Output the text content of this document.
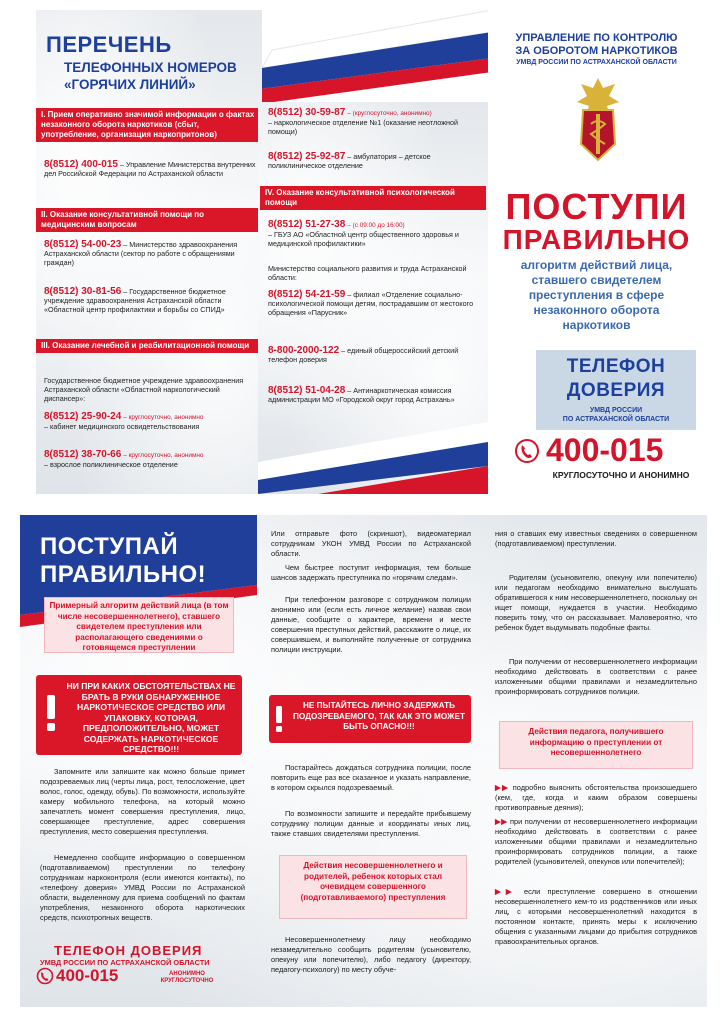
ПЕРЕЧЕНЬ
ТЕЛЕФОННЫХ НОМЕРОВ
«ГОРЯЧИХ ЛИНИЙ»
I. Прием оперативно значимой информации о фактах незаконного оборота наркотиков (сбыт, употребление, организация наркопритонов)
8(8512) 400-015 – Управление Министерства внутренних дел Российской Федерации по Астраханской области
II. Оказание консультативной помощи по медицинским вопросам
8(8512) 54-00-23 – Министерство здравоохранения Астраханской области (сектор по работе с обращениями граждан)
8(8512) 30-81-56 – Государственное бюджетное учреждение здравоохранения Астраханской области «Областной центр профилактики и борьбы со СПИД»
III. Оказание лечебной и реабилитационной помощи
Государственное бюджетное учреждение здравоохранения Астраханской области «Областной наркологический диспансер»:
8(8512) 25-90-24 – круглосуточно, анонимно
– кабинет медицинского освидетельствования
8(8512) 38-70-66 – круглосуточно, анонимно
– взрослое поликлиническое отделение
8(8512) 30-59-87 – (круглосуточно, анонимно)
– наркологическое отделение №1 (оказание неотложной помощи)
8(8512) 25-92-87 – амбулатория – детское поликлиническое отделение
IV. Оказание консультативной психологической помощи
8(8512) 51-27-38 – (с 09:00 до 16:00)
– ГБУЗ АО «Областной центр общественного здоровья и медицинской профилактики»
Министерство социального развития и труда Астраханской области:
8(8512) 54-21-59 – филиал «Отделение социально-психологической помощи детям, пострадавшим от жестокого обращения «Парусник»
8-800-2000-122 – единый общероссийский детский телефон доверия
8(8512) 51-04-28 – Антинаркотическая комиссия администрации МО «Городской округ город Астрахань»
УПРАВЛЕНИЕ ПО КОНТРОЛЮ
ЗА ОБОРОТОМ НАРКОТИКОВ
УМВД РОССИИ ПО АСТРАХАНСКОЙ ОБЛАСТИ
ПОСТУПИ
ПРАВИЛЬНО
алгоритм действий лица,
ставшего свидетелем
преступления в сфере
незаконного оборота
наркотиков
ТЕЛЕФОН
ДОВЕРИЯ
УМВД РОССИИ
ПО АСТРАХАНСКОЙ ОБЛАСТИ
400-015
КРУГЛОСУТОЧНО И АНОНИМНО
ПОСТУПАЙ
ПРАВИЛЬНО!
Примерный алгоритм действий лица (в том числе несовершеннолетнего), ставшего свидетелем преступления или располагающего сведениями о готовящемся преступлении
НИ ПРИ КАКИХ ОБСТОЯТЕЛЬСТВАХ НЕ БРАТЬ В РУКИ ОБНАРУЖЕННОЕ НАРКОТИЧЕСКОЕ СРЕДСТВО ИЛИ УПАКОВКУ, КОТОРАЯ, ПРЕДПОЛОЖИТЕЛЬНО, МОЖЕТ СОДЕРЖАТЬ НАРКОТИЧЕСКОЕ СРЕДСТВО!!!
Запомните или запишите как можно больше примет подозреваемых лиц (черты лица, рост, телосложение, цвет волос, голос, одежду, обувь). По возможности, используйте камеру мобильного телефона, на который можно запечатлеть момент совершения преступления, лицо, совершающее преступление, адрес совершения преступления, место совершения преступления.
Немедленно сообщите информацию о совершенном (подготавливаемом) преступлении по телефону сотрудникам наркоконтроля (если имеются контакты), по «телефону доверия» УМВД России по Астраханской области, выделенному для приема сообщений по фактам употребления, незаконного оборота наркотических средств, психотропных веществ.
ТЕЛЕФОН ДОВЕРИЯ
УМВД РОССИИ ПО АСТРАХАНСКОЙ ОБЛАСТИ
400-015	АНОНИМНО КРУГЛОСУТОЧНО
Или отправьте фото (скриншот), видеоматериал сотрудникам УКОН УМВД России по Астраханской области.
Чем быстрее поступит информация, тем больше шансов задержать преступника по «горячим следам».
При телефонном разговоре с сотрудником полиции анонимно или (если есть личное желание) назвав свои данные, сообщите о характере, времени и месте совершения преступных действий, расскажите о лице, их совершившем, и выполняйте полученные от сотрудника полиции инструкции.
НЕ ПЫТАЙТЕСЬ ЛИЧНО ЗАДЕРЖАТЬ ПОДОЗРЕВАЕМОГО, ТАК КАК ЭТО МОЖЕТ БЫТЬ ОПАСНО!!!
Постарайтесь дождаться сотрудника полиции, после повторить еще раз все сказанное и указать направление, в котором скрылся подозреваемый.
По возможности запишите и передайте прибывшему сотруднику полиции данные и координаты иных лиц, также ставших свидетелями преступления.
Действия несовершеннолетнего и родителей, ребенок которых стал очевидцем совершенного (подготавливаемого) преступления
Несовершеннолетнему лицу необходимо незамедлительно сообщить родителям (усыновителю, опекуну или попечителю), либо педагогу (директору, педагогу-психологу) по месту обуче-
ния о ставших ему известных сведениях о совершенном (подготавливаемом) преступлении.
Родителям (усыновителю, опекуну или попечителю) или педагогам необходимо внимательно выслушать обратившегося к ним несовершеннолетнего, поскольку он ищет помощи, нуждается в участии. Необходимо поверить тому, что он рассказывает. Маловероятно, что ребенок будет выдумывать подобные факты.
При получении от несовершеннолетнего информации необходимо действовать в соответствии с ранее изложенными общими правилами и незамедлительно проинформировать сотрудников полиции.
Действия педагога, получившего информацию о преступлении от несовершеннолетнего
▶▶ подробно выяснить обстоятельства произошедшего (кем, где, когда и каким образом совершены противоправные деяния);
▶▶ при получении от несовершеннолетнего информации необходимо действовать в соответствии с ранее изложенными общими правилами и незамедлительно проинформировать сотрудников полиции, а также родителей (усыновителей, опекунов или попечителей);
▶▶ если преступление совершено в отношении несовершеннолетнего кем-то из родственников или иных лиц, с которыми несовершеннолетний находится в постоянном контакте, принять меры к исключению общения с указанными лицами до прибытия сотрудников правоохранительных органов.
